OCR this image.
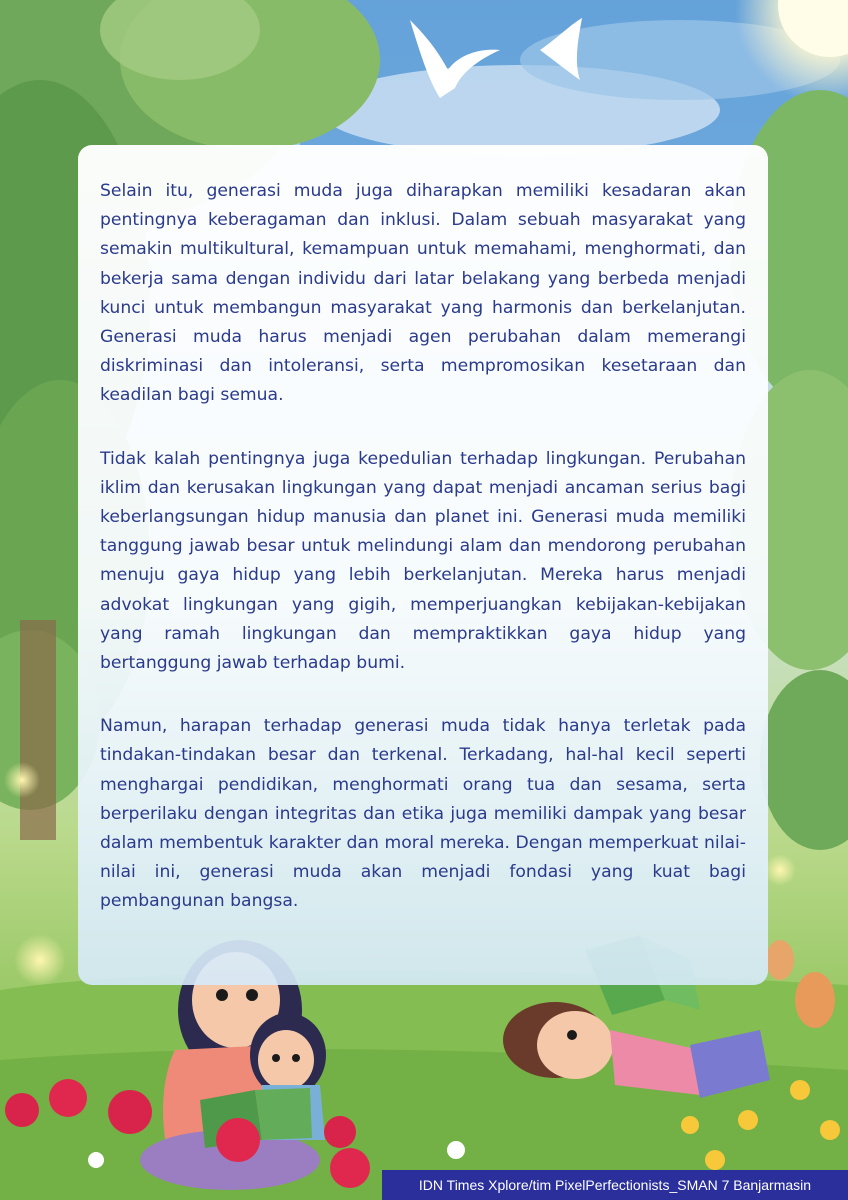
Selain itu, generasi muda juga diharapkan memiliki kesadaran akan pentingnya keberagaman dan inklusi. Dalam sebuah masyarakat yang semakin multikultural, kemampuan untuk memahami, menghormati, dan bekerja sama dengan individu dari latar belakang yang berbeda menjadi kunci untuk membangun masyarakat yang harmonis dan berkelanjutan. Generasi muda harus menjadi agen perubahan dalam memerangi diskriminasi dan intoleransi, serta mempromosikan kesetaraan dan keadilan bagi semua.

Tidak kalah pentingnya juga kepedulian terhadap lingkungan. Perubahan iklim dan kerusakan lingkungan yang dapat menjadi ancaman serius bagi keberlangsungan hidup manusia dan planet ini. Generasi muda memiliki tanggung jawab besar untuk melindungi alam dan mendorong perubahan menuju gaya hidup yang lebih berkelanjutan. Mereka harus menjadi advokat lingkungan yang gigih, memperjuangkan kebijakan-kebijakan yang ramah lingkungan dan mempraktikkan gaya hidup yang bertanggung jawab terhadap bumi.

Namun, harapan terhadap generasi muda tidak hanya terletak pada tindakan-tindakan besar dan terkenal. Terkadang, hal-hal kecil seperti menghargai pendidikan, menghormati orang tua dan sesama, serta berperilaku dengan integritas dan etika juga memiliki dampak yang besar dalam membentuk karakter dan moral mereka. Dengan memperkuat nilai-nilai ini, generasi muda akan menjadi fondasi yang kuat bagi pembangunan bangsa.

IDN Times Xplore/tim PixelPerfectionists_SMAN 7 Banjarmasin
